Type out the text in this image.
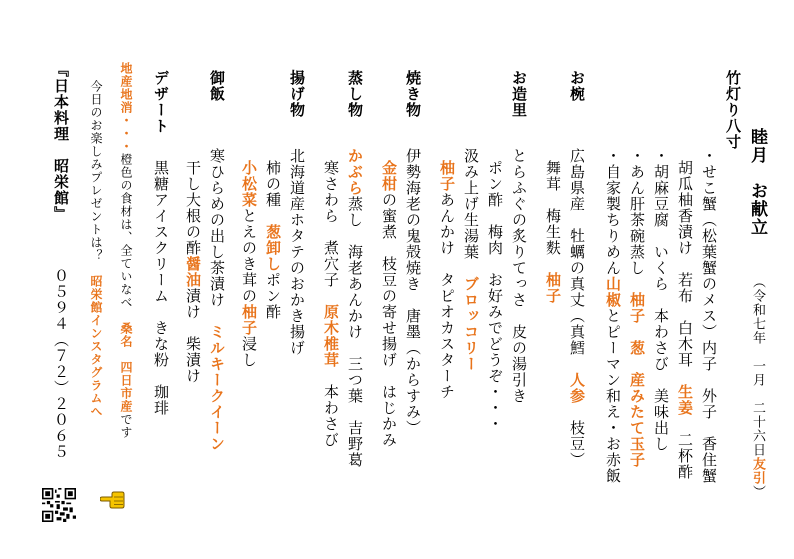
睦月　お献立
（令和七年　一月　二十六日友引）
竹灯り八寸
・せこ蟹（松葉蟹のメス）内子　外子　香住蟹
胡瓜柚香漬け　若布　白木耳　生姜　二杯酢
・胡麻豆腐　いくら　本わさび　美味出し
・あん肝茶碗蒸し　柚子　葱　産みたて玉子
・自家製ちりめん山椒とピーマン和え・お赤飯
お椀
広島県産　牡蠣の真丈（真鱈　人参　枝豆）
舞茸　梅生麩　柚子
お造里
とらふぐの炙りてっさ　皮の湯引き
ポン酢　梅肉　お好みでどうぞ・・・
汲み上げ生湯葉　ブロッコリー
柚子あんかけ　タピオカスターチ
焼き物
伊勢海老の鬼殻焼き　唐墨（からすみ）
金柑の蜜煮　枝豆の寄せ揚げ　はじかみ
蒸し物
かぶら蒸し　海老あんかけ　三つ葉　吉野葛
寒さわら　煮穴子　原木椎茸　本わさび
揚げ物
北海道産ホタテのおかき揚げ
柿の種　葱卸しポン酢
御飯
小松菜とえのき茸の柚子浸し
寒ひらめの出し茶漬け　ミルキークイーン
干し大根の酢醤油漬け　柴漬け
デザート
黒糖アイスクリーム　きな粉　珈琲
地産地消・・・橙色の食材は、全ていなべ　桑名　四日市産です
今日のお楽しみプレゼントは？　昭栄館インスタグラムへ
『日本料理　昭栄館』
０５９４（７２）２０６５
